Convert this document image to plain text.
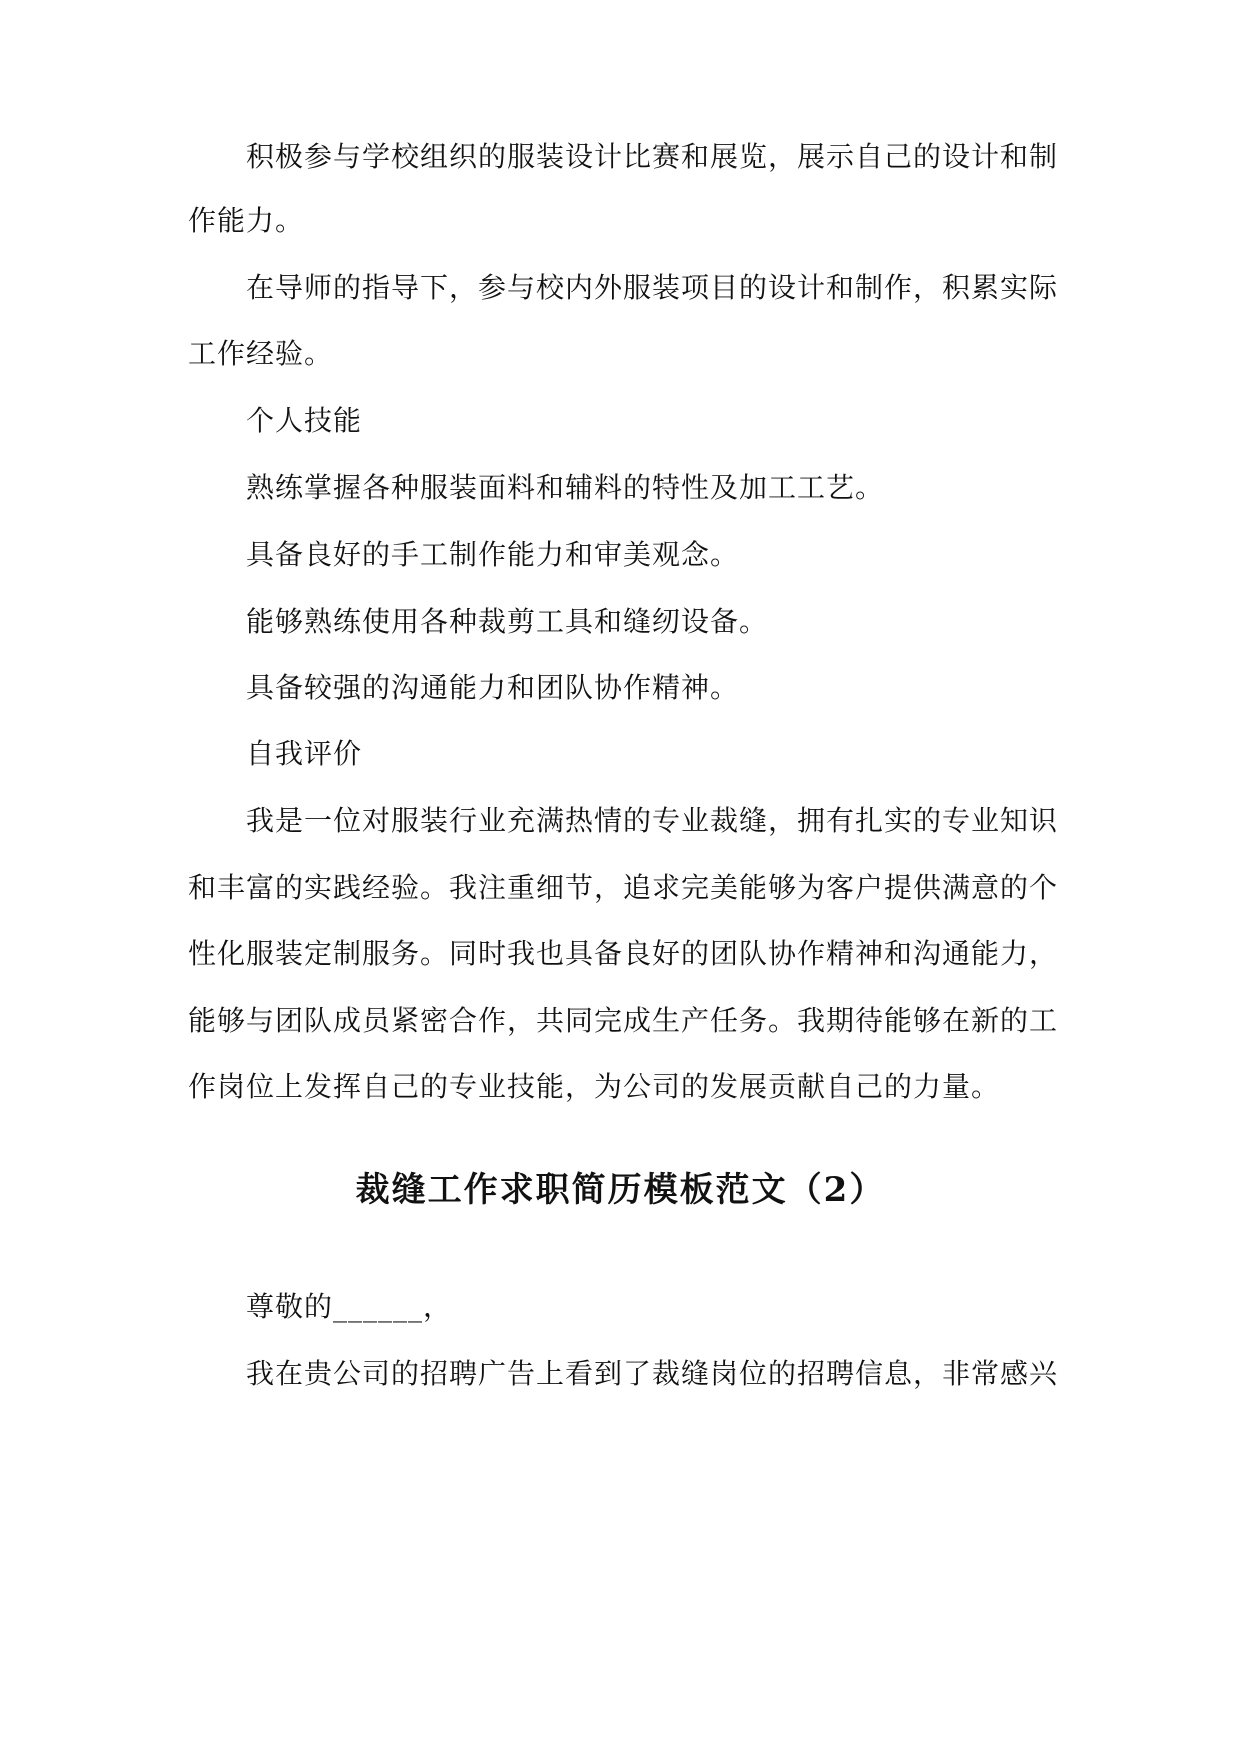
积极参与学校组织的服装设计比赛和展览，展示自己的设计和制
作能力。
在导师的指导下，参与校内外服装项目的设计和制作，积累实际
工作经验。
个人技能
熟练掌握各种服装面料和辅料的特性及加工工艺。
具备良好的手工制作能力和审美观念。
能够熟练使用各种裁剪工具和缝纫设备。
具备较强的沟通能力和团队协作精神。
自我评价
我是一位对服装行业充满热情的专业裁缝，拥有扎实的专业知识
和丰富的实践经验。我注重细节，追求完美能够为客户提供满意的个
性化服装定制服务。同时我也具备良好的团队协作精神和沟通能力，
能够与团队成员紧密合作，共同完成生产任务。我期待能够在新的工
作岗位上发挥自己的专业技能，为公司的发展贡献自己的力量。
裁缝工作求职简历模板范文（2）
尊敬的______，
我在贵公司的招聘广告上看到了裁缝岗位的招聘信息，非常感兴
